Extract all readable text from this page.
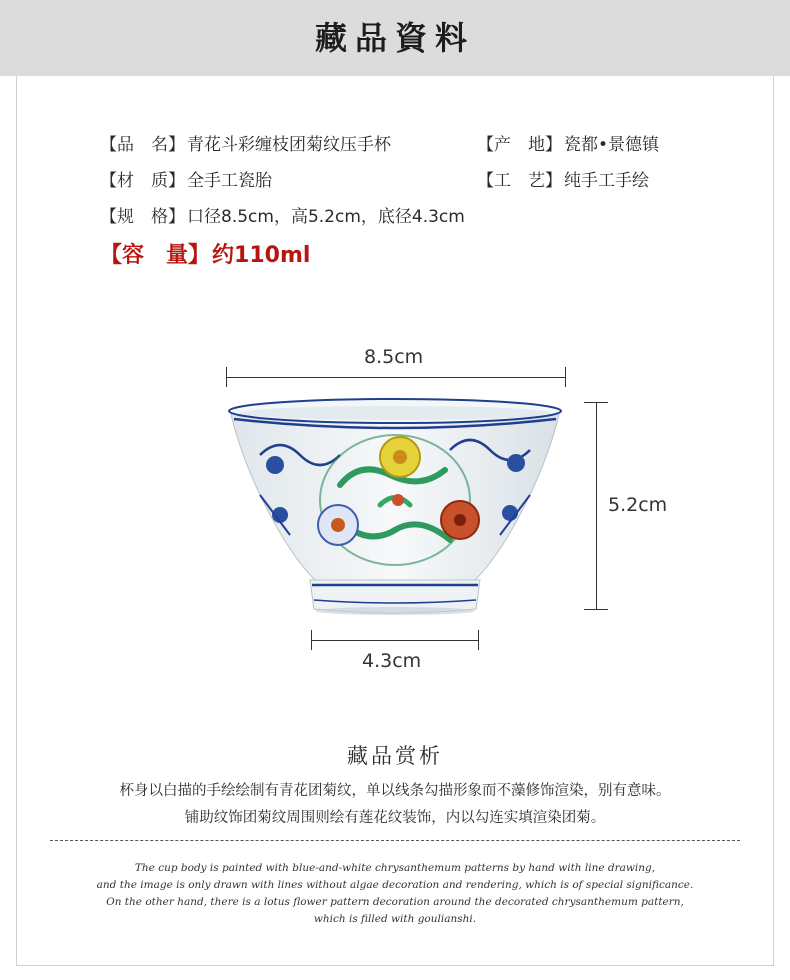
藏品資料
【品　名】 青花斗彩缠枝团菊纹压手杯	【产　地】 瓷都•景德镇
【材　质】 全手工瓷胎	【工　艺】 纯手工手绘
【规　格】 口径8.5cm，高5.2cm，底径4.3cm
【容　量】约110ml
8.5cm
5.2cm
4.3cm
藏品赏析
杯身以白描的手绘绘制有青花团菊纹，单以线条勾描形象而不藻修饰渲染，别有意味。
铺助纹饰团菊纹周围则绘有莲花纹装饰，内以勾连实填渲染团菊。
The cup body is painted with blue-and-white chrysanthemum patterns by hand with line drawing,
and the image is only drawn with lines without algae decoration and rendering, which is of special significance.
On the other hand, there is a lotus flower pattern decoration around the decorated chrysanthemum pattern,
which is filled with goulianshi.
